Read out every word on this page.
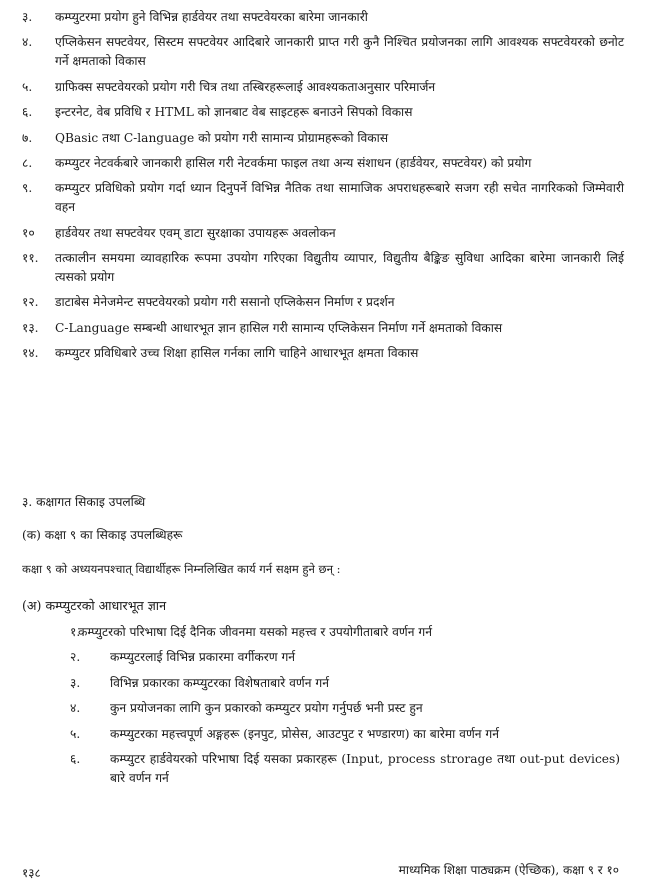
३.	कम्प्युटरमा प्रयोग हुने विभिन्न हार्डवेयर तथा सफ्टवेयरका बारेमा जानकारी
४.	एप्लिकेसन सफ्टवेयर, सिस्टम सफ्टवेयर आदिबारे जानकारी प्राप्त गरी कुनै निश्चित प्रयोजनका लागि आवश्यक सफ्टवेयरको छनोट गर्ने क्षमताको विकास
५.	ग्राफिक्स सफ्टवेयरको प्रयोग गरी चित्र तथा तस्बिरहरूलाई आवश्यकताअनुसार परिमार्जन
६.	इन्टरनेट, वेब प्रविधि र HTML को ज्ञानबाट वेब साइटहरू बनाउने सिपको विकास
७.	QBasic तथा C-language को प्रयोग गरी सामान्य प्रोग्रामहरूको विकास
८.	कम्प्युटर नेटवर्कबारे जानकारी हासिल गरी नेटवर्कमा फाइल तथा अन्य संशाधन (हार्डवेयर, सफ्टवेयर) को प्रयोग
९.	कम्प्युटर प्रविधिको प्रयोग गर्दा ध्यान दिनुपर्ने विभिन्न नैतिक तथा सामाजिक अपराधहरूबारे सजग रही सचेत नागरिकको जिम्मेवारी वहन
१०	हार्डवेयर तथा सफ्टवेयर एवम् डाटा सुरक्षाका उपायहरू अवलोकन
११.	तत्कालीन समयमा व्यावहारिक रूपमा उपयोग गरिएका विद्युतीय व्यापार, विद्युतीय बैङ्किङ सुविधा आदिका बारेमा जानकारी लिई त्यसको प्रयोग
१२.	डाटाबेस मेनेजमेन्ट सफ्टवेयरको प्रयोग गरी ससानो एप्लिकेसन निर्माण र प्रदर्शन
१३.	C-Language सम्बन्धी आधारभूत ज्ञान हासिल गरी सामान्य एप्लिकेसन निर्माण गर्ने क्षमताको विकास
१४.	कम्प्युटर प्रविधिबारे उच्च शिक्षा हासिल गर्नका लागि चाहिने आधारभूत क्षमता विकास
३. कक्षागत सिकाइ उपलब्धि
(क) कक्षा ९ का सिकाइ उपलब्धिहरू
कक्षा ९ को अध्ययनपश्चात् विद्यार्थीहरू निम्नलिखित कार्य गर्न सक्षम हुने छन् :
(अ) कम्प्युटरको आधारभूत ज्ञान
१.
कम्प्युटरको परिभाषा दिई दैनिक जीवनमा यसको महत्त्व र उपयोगीताबारे वर्णन गर्न
२.	कम्प्युटरलाई विभिन्न प्रकारमा वर्गीकरण गर्न
३.	विभिन्न प्रकारका कम्प्युटरका विशेषताबारे वर्णन गर्न
४.	कुन प्रयोजनका लागि कुन प्रकारको कम्प्युटर प्रयोग गर्नुपर्छ भनी प्रस्ट हुन
५.	कम्प्युटरका महत्त्वपूर्ण अङ्गहरू (इनपुट, प्रोसेस, आउटपुट र भण्डारण) का बारेमा वर्णन गर्न
६.	कम्प्युटर हार्डवेयरको परिभाषा दिई यसका प्रकारहरू (Input, process strorage तथा out-put devices) बारे वर्णन गर्न
१३८	माध्यमिक शिक्षा पाठ्यक्रम (ऐच्छिक), कक्षा ९ र १०
